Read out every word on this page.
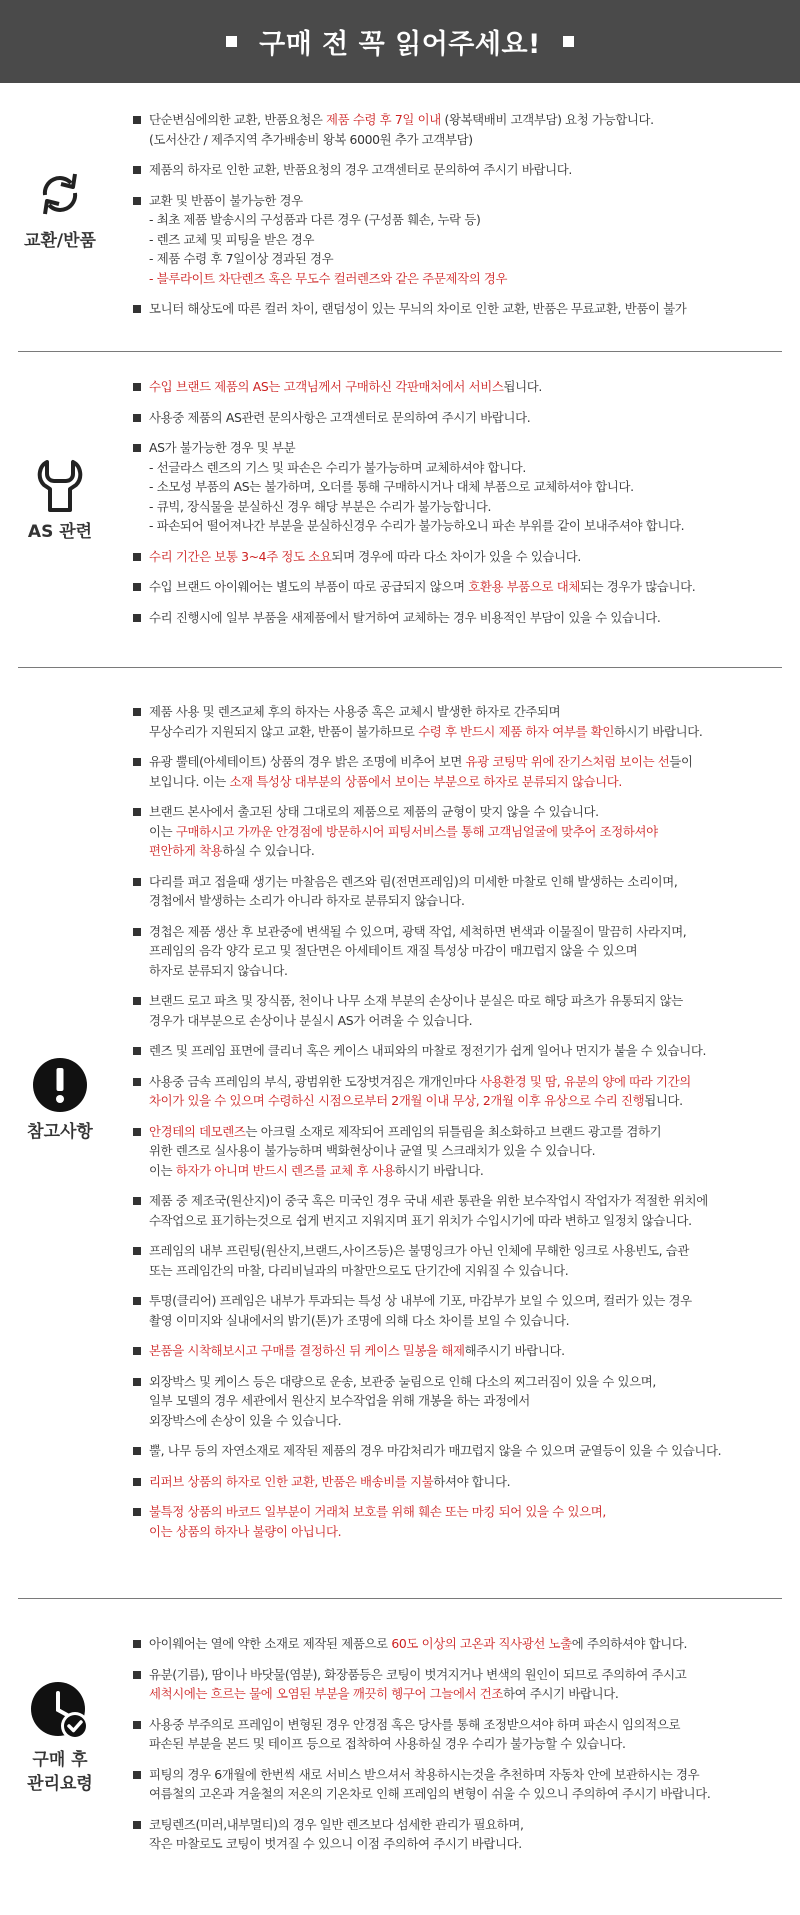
구매 전 꼭 읽어주세요!
교환/반품
단순변심에의한 교환, 반품요청은 제품 수령 후 7일 이내 (왕복택배비 고객부담) 요청 가능합니다.
(도서산간 / 제주지역 추가배송비 왕복 6000원 추가 고객부담)
제품의 하자로 인한 교환, 반품요청의 경우 고객센터로 문의하여 주시기 바랍니다.
교환 및 반품이 불가능한 경우
- 최초 제품 발송시의 구성품과 다른 경우 (구성품 훼손, 누락 등)
- 렌즈 교체 및 피팅을 받은 경우
- 제품 수령 후 7일이상 경과된 경우
- 블루라이트 차단렌즈 혹은 무도수 컬러렌즈와 같은 주문제작의 경우
모니터 해상도에 따른 컬러 차이, 랜덤성이 있는 무늬의 차이로 인한 교환, 반품은 무료교환, 반품이 불가
AS 관련
수입 브랜드 제품의 AS는 고객님께서 구매하신 각판매처에서 서비스됩니다.
사용중 제품의 AS관련 문의사항은 고객센터로 문의하여 주시기 바랍니다.
AS가 불가능한 경우 및 부분
- 선글라스 렌즈의 기스 및 파손은 수리가 불가능하며 교체하셔야 합니다.
- 소모성 부품의 AS는 불가하며, 오더를 통해 구매하시거나 대체 부품으로 교체하셔야 합니다.
- 큐빅, 장식물을 분실하신 경우 해당 부분은 수리가 불가능합니다.
- 파손되어 떨어져나간 부분을 분실하신경우 수리가 불가능하오니 파손 부위를 같이 보내주셔야 합니다.
수리 기간은 보통 3~4주 정도 소요되며 경우에 따라 다소 차이가 있을 수 있습니다.
수입 브랜드 아이웨어는 별도의 부품이 따로 공급되지 않으며 호환용 부품으로 대체되는 경우가 많습니다.
수리 진행시에 일부 부품을 새제품에서 탈거하여 교체하는 경우 비용적인 부담이 있을 수 있습니다.
참고사항
제품 사용 및 렌즈교체 후의 하자는 사용중 혹은 교체시 발생한 하자로 간주되며
무상수리가 지원되지 않고 교환, 반품이 불가하므로 수령 후 반드시 제품 하자 여부를 확인하시기 바랍니다.
유광 뿔테(아세테이트) 상품의 경우 밝은 조명에 비추어 보면 유광 코팅막 위에 잔기스처럼 보이는 선들이
보입니다. 이는 소재 특성상 대부분의 상품에서 보이는 부분으로 하자로 분류되지 않습니다.
브랜드 본사에서 출고된 상태 그대로의 제품으로 제품의 균형이 맞지 않을 수 있습니다.
이는 구매하시고 가까운 안경점에 방문하시어 피팅서비스를 통해 고객님얼굴에 맞추어 조정하셔야
편안하게 착용하실 수 있습니다.
다리를 펴고 접을때 생기는 마찰음은 렌즈와 림(전면프레임)의 미세한 마찰로 인해 발생하는 소리이며,
경첩에서 발생하는 소리가 아니라 하자로 분류되지 않습니다.
경첩은 제품 생산 후 보관중에 변색될 수 있으며, 광택 작업, 세척하면 변색과 이물질이 말끔히 사라지며,
프레임의 음각 양각 로고 및 절단면은 아세테이트 재질 특성상 마감이 매끄럽지 않을 수 있으며
하자로 분류되지 않습니다.
브랜드 로고 파츠 및 장식품, 천이나 나무 소재 부분의 손상이나 분실은 따로 해당 파츠가 유통되지 않는
경우가 대부분으로 손상이나 분실시 AS가 어려울 수 있습니다.
렌즈 및 프레임 표면에 클리너 혹은 케이스 내피와의 마찰로 정전기가 쉽게 일어나 먼지가 붙을 수 있습니다.
사용중 금속 프레임의 부식, 광범위한 도장벗겨짐은 개개인마다 사용환경 및 땀, 유분의 양에 따라 기간의
차이가 있을 수 있으며 수령하신 시점으로부터 2개월 이내 무상, 2개월 이후 유상으로 수리 진행됩니다.
안경테의 데모렌즈는 아크릴 소재로 제작되어 프레임의 뒤틀림을 최소화하고 브랜드 광고를 겸하기
위한 렌즈로 실사용이 불가능하며 백화현상이나 균열 및 스크래치가 있을 수 있습니다.
이는 하자가 아니며 반드시 렌즈를 교체 후 사용하시기 바랍니다.
제품 중 제조국(원산지)이 중국 혹은 미국인 경우 국내 세관 통관을 위한 보수작업시 작업자가 적절한 위치에
수작업으로 표기하는것으로 쉽게 번지고 지워지며 표기 위치가 수입시기에 따라 변하고 일정치 않습니다.
프레임의 내부 프린팅(원산지,브랜드,사이즈등)은 불명잉크가 아닌 인체에 무해한 잉크로 사용빈도, 습관
또는 프레임간의 마찰, 다리비닐과의 마찰만으로도 단기간에 지워질 수 있습니다.
투명(클리어) 프레임은 내부가 투과되는 특성 상 내부에 기포, 마감부가 보일 수 있으며, 컬러가 있는 경우
촬영 이미지와 실내에서의 밝기(톤)가 조명에 의해 다소 차이를 보일 수 있습니다.
본품을 시착해보시고 구매를 결정하신 뒤 케이스 밀봉을 해제해주시기 바랍니다.
외장박스 및 케이스 등은 대량으로 운송, 보관중 눌림으로 인해 다소의 찌그러짐이 있을 수 있으며,
일부 모델의 경우 세관에서 원산지 보수작업을 위해 개봉을 하는 과정에서
외장박스에 손상이 있을 수 있습니다.
뿔, 나무 등의 자연소재로 제작된 제품의 경우 마감처리가 매끄럽지 않을 수 있으며 균열등이 있을 수 있습니다.
리퍼브 상품의 하자로 인한 교환, 반품은 배송비를 지불하셔야 합니다.
불특정 상품의 바코드 일부분이 거래처 보호를 위해 훼손 또는 마킹 되어 있을 수 있으며,
이는 상품의 하자나 불량이 아닙니다.
구매 후
관리요령
아이웨어는 열에 약한 소재로 제작된 제품으로 60도 이상의 고온과 직사광선 노출에 주의하셔야 합니다.
유분(기름), 땀이나 바닷물(염분), 화장품등은 코팅이 벗겨지거나 변색의 원인이 되므로 주의하여 주시고
세척시에는 흐르는 물에 오염된 부분을 깨끗히 헹구어 그늘에서 건조하여 주시기 바랍니다.
사용중 부주의로 프레임이 변형된 경우 안경점 혹은 당사를 통해 조정받으셔야 하며 파손시 임의적으로
파손된 부분을 본드 및 테이프 등으로 접착하여 사용하실 경우 수리가 불가능할 수 있습니다.
피팅의 경우 6개월에 한번씩 새로 서비스 받으셔서 착용하시는것을 추천하며 자동차 안에 보관하시는 경우
여름철의 고온과 겨울철의 저온의 기온차로 인해 프레임의 변형이 쉬울 수 있으니 주의하여 주시기 바랍니다.
코팅렌즈(미러,내부멀티)의 경우 일반 렌즈보다 섬세한 관리가 필요하며,
작은 마찰로도 코팅이 벗겨질 수 있으니 이점 주의하여 주시기 바랍니다.
